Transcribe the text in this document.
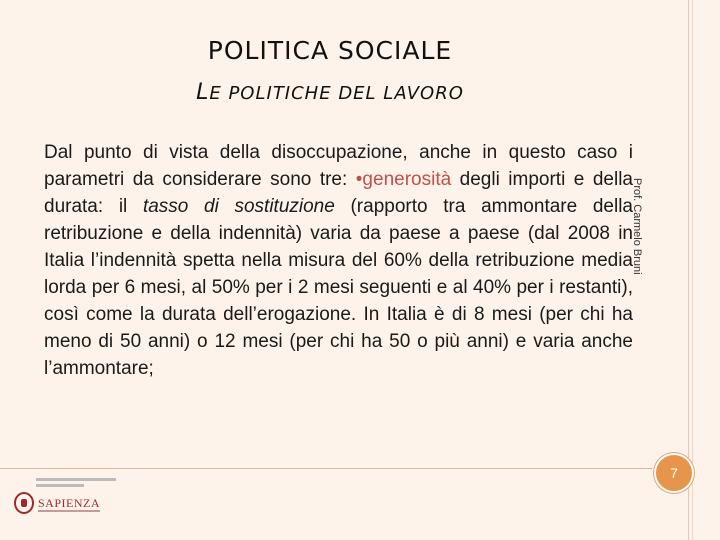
POLITICA SOCIALE
LE POLITICHE DEL LAVORO
Dal punto di vista della disoccupazione, anche in questo caso i parametri da considerare sono tre: •generosità degli importi e della durata: il tasso di sostituzione (rapporto tra ammontare della retribuzione e della indennità) varia da paese a paese (dal 2008 in Italia l’indennità spetta nella misura del 60% della retribuzione media lorda per 6 mesi, al 50% per i 2 mesi seguenti e al 40% per i restanti), così come la durata dell’erogazione. In Italia è di 8 mesi (per chi ha meno di 50 anni) o 12 mesi (per chi ha 50 o più anni) e varia anche l’ammontare;
Prof. Carmelo Bruni
7
SAPIENZA
